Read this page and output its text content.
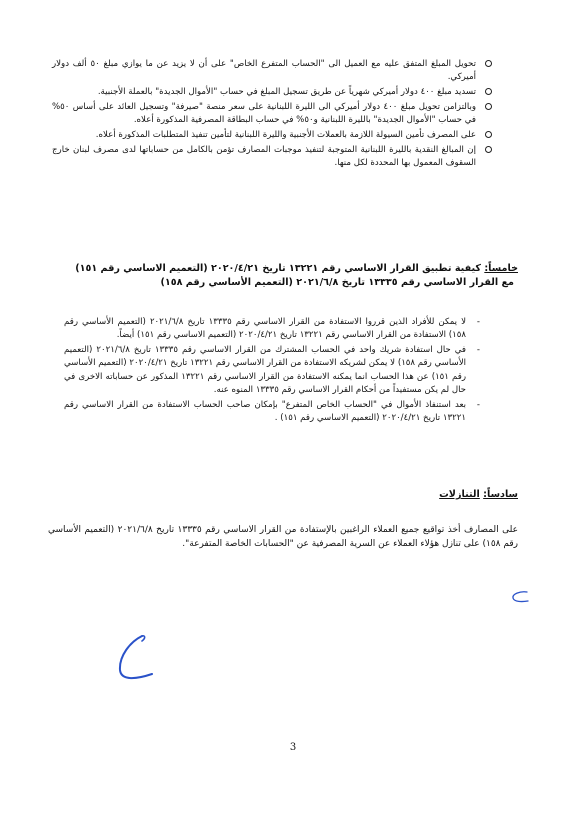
تحويل المبلغ المتفق عليه مع العميل الى "الحساب المتفرع الخاص" على أن لا يزيد عن ما يوازي مبلغ ٥٠ ألف دولار أميركي.
تسديد مبلغ ٤٠٠ دولار أميركي شهرياً عن طريق تسجيل المبلغ في حساب "الأموال الجديدة" بالعملة الأجنبية.
وبالتزامن تحويل مبلغ ٤٠٠ دولار أميركي الى الليرة اللبنانية على سعر منصة "صيرفة" وتسجيل العائد على أساس ٥٠% في حساب "الأموال الجديدة" بالليرة اللبنانية و٥٠% في حساب البطاقة المصرفية المذكورة أعلاه.
على المصرف تأمين السيولة اللازمة بالعملات الأجنبية والليرة اللبنانية لتأمين تنفيذ المتطلبات المذكورة أعلاه.
إن المبالغ النقدية بالليرة اللبنانية المتوجبة لتنفيذ موجبات المصارف تؤمن بالكامل من حساباتها لدى مصرف لبنان خارج السقوف المعمول بها المحددة لكل منها.
خامساً: كيفية تطبيق القرار الاساسي رقم ١٣٢٢١ تاريخ ٢٠٢٠/٤/٢١ (التعميم الاساسي رقم ١٥١)
مع القرار الاساسي رقم ١٣٣٣٥ تاريخ ٢٠٢١/٦/٨ (التعميم الأساسي رقم ١٥٨)
-
لا يمكن للأفراد الذين قرروا الاستفادة من القرار الاساسي رقم ١٣٣٣٥ تاريخ ٢٠٢١/٦/٨ (التعميم الأساسي رقم ١٥٨) الاستفادة من القرار الاساسي رقم ١٣٢٢١ تاريخ ٢٠٢٠/٤/٢١ (التعميم الاساسي رقم ١٥١) أيضاً.
-
في حال استفادة شريك واحد في الحساب المشترك من القرار الاساسي رقم ١٣٣٣٥ تاريخ ٢٠٢١/٦/٨ (التعميم الأساسي رقم ١٥٨) لا يمكن لشريكه الاستفادة من القرار الاساسي رقم ١٣٢٢١ تاريخ ٢٠٢٠/٤/٢١ (التعميم الأساسي رقم ١٥١) عن هذا الحساب انما يمكنه الاستفادة من القرار الاساسي رقم ١٣٢٢١ المذكور عن حساباته الاخرى في حال لم يكن مستفيداً من أحكام القرار الاساسي رقم ١٣٣٣٥ المنوه عنه.
-
بعد استنفاذ الأموال في "الحساب الخاص المتفرع" بإمكان صاحب الحساب الاستفادة من القرار الاساسي رقم ١٣٢٢١ تاريخ ٢٠٢٠/٤/٢١ (التعميم الاساسي رقم ١٥١) .
سادساً: التنازلات
على المصارف أخذ تواقيع جميع العملاء الراغبين بالإستفادة من القرار الاساسي رقم ١٣٣٣٥ تاريخ ٢٠٢١/٦/٨ (التعميم الأساسي رقم ١٥٨) على تنازل هؤلاء العملاء عن السرية المصرفية عن "الحسابات الخاصة المتفرعة".
3
